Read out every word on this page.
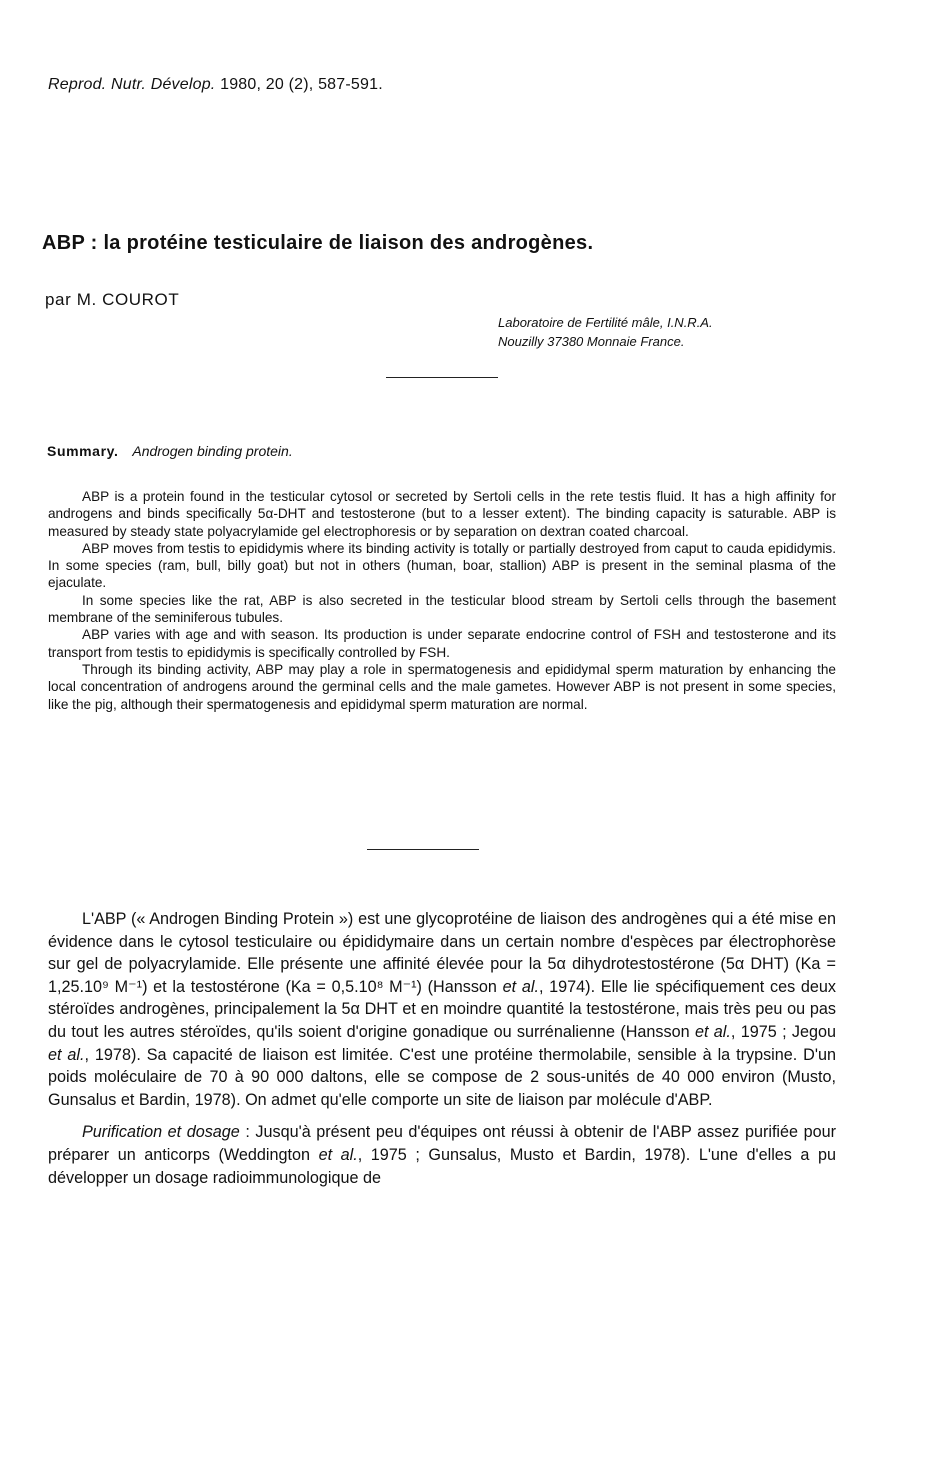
Reprod. Nutr. Dévelop. 1980, 20 (2), 587-591.
ABP : la protéine testiculaire de liaison des androgènes.
par M. COUROT
Laboratoire de Fertilité mâle, I.N.R.A.
Nouzilly 37380 Monnaie France.
Summary. Androgen binding protein.

ABP is a protein found in the testicular cytosol or secreted by Sertoli cells in the rete testis fluid. It has a high affinity for androgens and binds specifically 5α-DHT and testosterone (but to a lesser extent). The binding capacity is saturable. ABP is measured by steady state polyacrylamide gel electrophoresis or by separation on dextran coated charcoal.

ABP moves from testis to epididymis where its binding activity is totally or partially destroyed from caput to cauda epididymis. In some species (ram, bull, billy goat) but not in others (human, boar, stallion) ABP is present in the seminal plasma of the ejaculate.

In some species like the rat, ABP is also secreted in the testicular blood stream by Sertoli cells through the basement membrane of the seminiferous tubules.

ABP varies with age and with season. Its production is under separate endocrine control of FSH and testosterone and its transport from testis to epididymis is specifically controlled by FSH.

Through its binding activity, ABP may play a role in spermatogenesis and epididymal sperm maturation by enhancing the local concentration of androgens around the germinal cells and the male gametes. However ABP is not present in some species, like the pig, although their spermatogenesis and epididymal sperm maturation are normal.

L'ABP (« Androgen Binding Protein ») est une glycoprotéine de liaison des androgènes qui a été mise en évidence dans le cytosol testiculaire ou épididymaire dans un certain nombre d'espèces par électrophorèse sur gel de polyacrylamide. Elle présente une affinité élevée pour la 5α dihydrotestostérone (5α DHT) (Ka = 1,25.10⁹ M⁻¹) et la testostérone (Ka = 0,5.10⁸ M⁻¹) (Hansson et al., 1974). Elle lie spécifiquement ces deux stéroïdes androgènes, principalement la 5α DHT et en moindre quantité la testostérone, mais très peu ou pas du tout les autres stéroïdes, qu'ils soient d'origine gonadique ou surrénalienne (Hansson et al., 1975 ; Jegou et al., 1978). Sa capacité de liaison est limitée. C'est une protéine thermolabile, sensible à la trypsine. D'un poids moléculaire de 70 à 90 000 daltons, elle se compose de 2 sous-unités de 40 000 environ (Musto, Gunsalus et Bardin, 1978). On admet qu'elle comporte un site de liaison par molécule d'ABP.

Purification et dosage : Jusqu'à présent peu d'équipes ont réussi à obtenir de l'ABP assez purifiée pour préparer un anticorps (Weddington et al., 1975 ; Gunsalus, Musto et Bardin, 1978). L'une d'elles a pu développer un dosage radioimmunologique de
